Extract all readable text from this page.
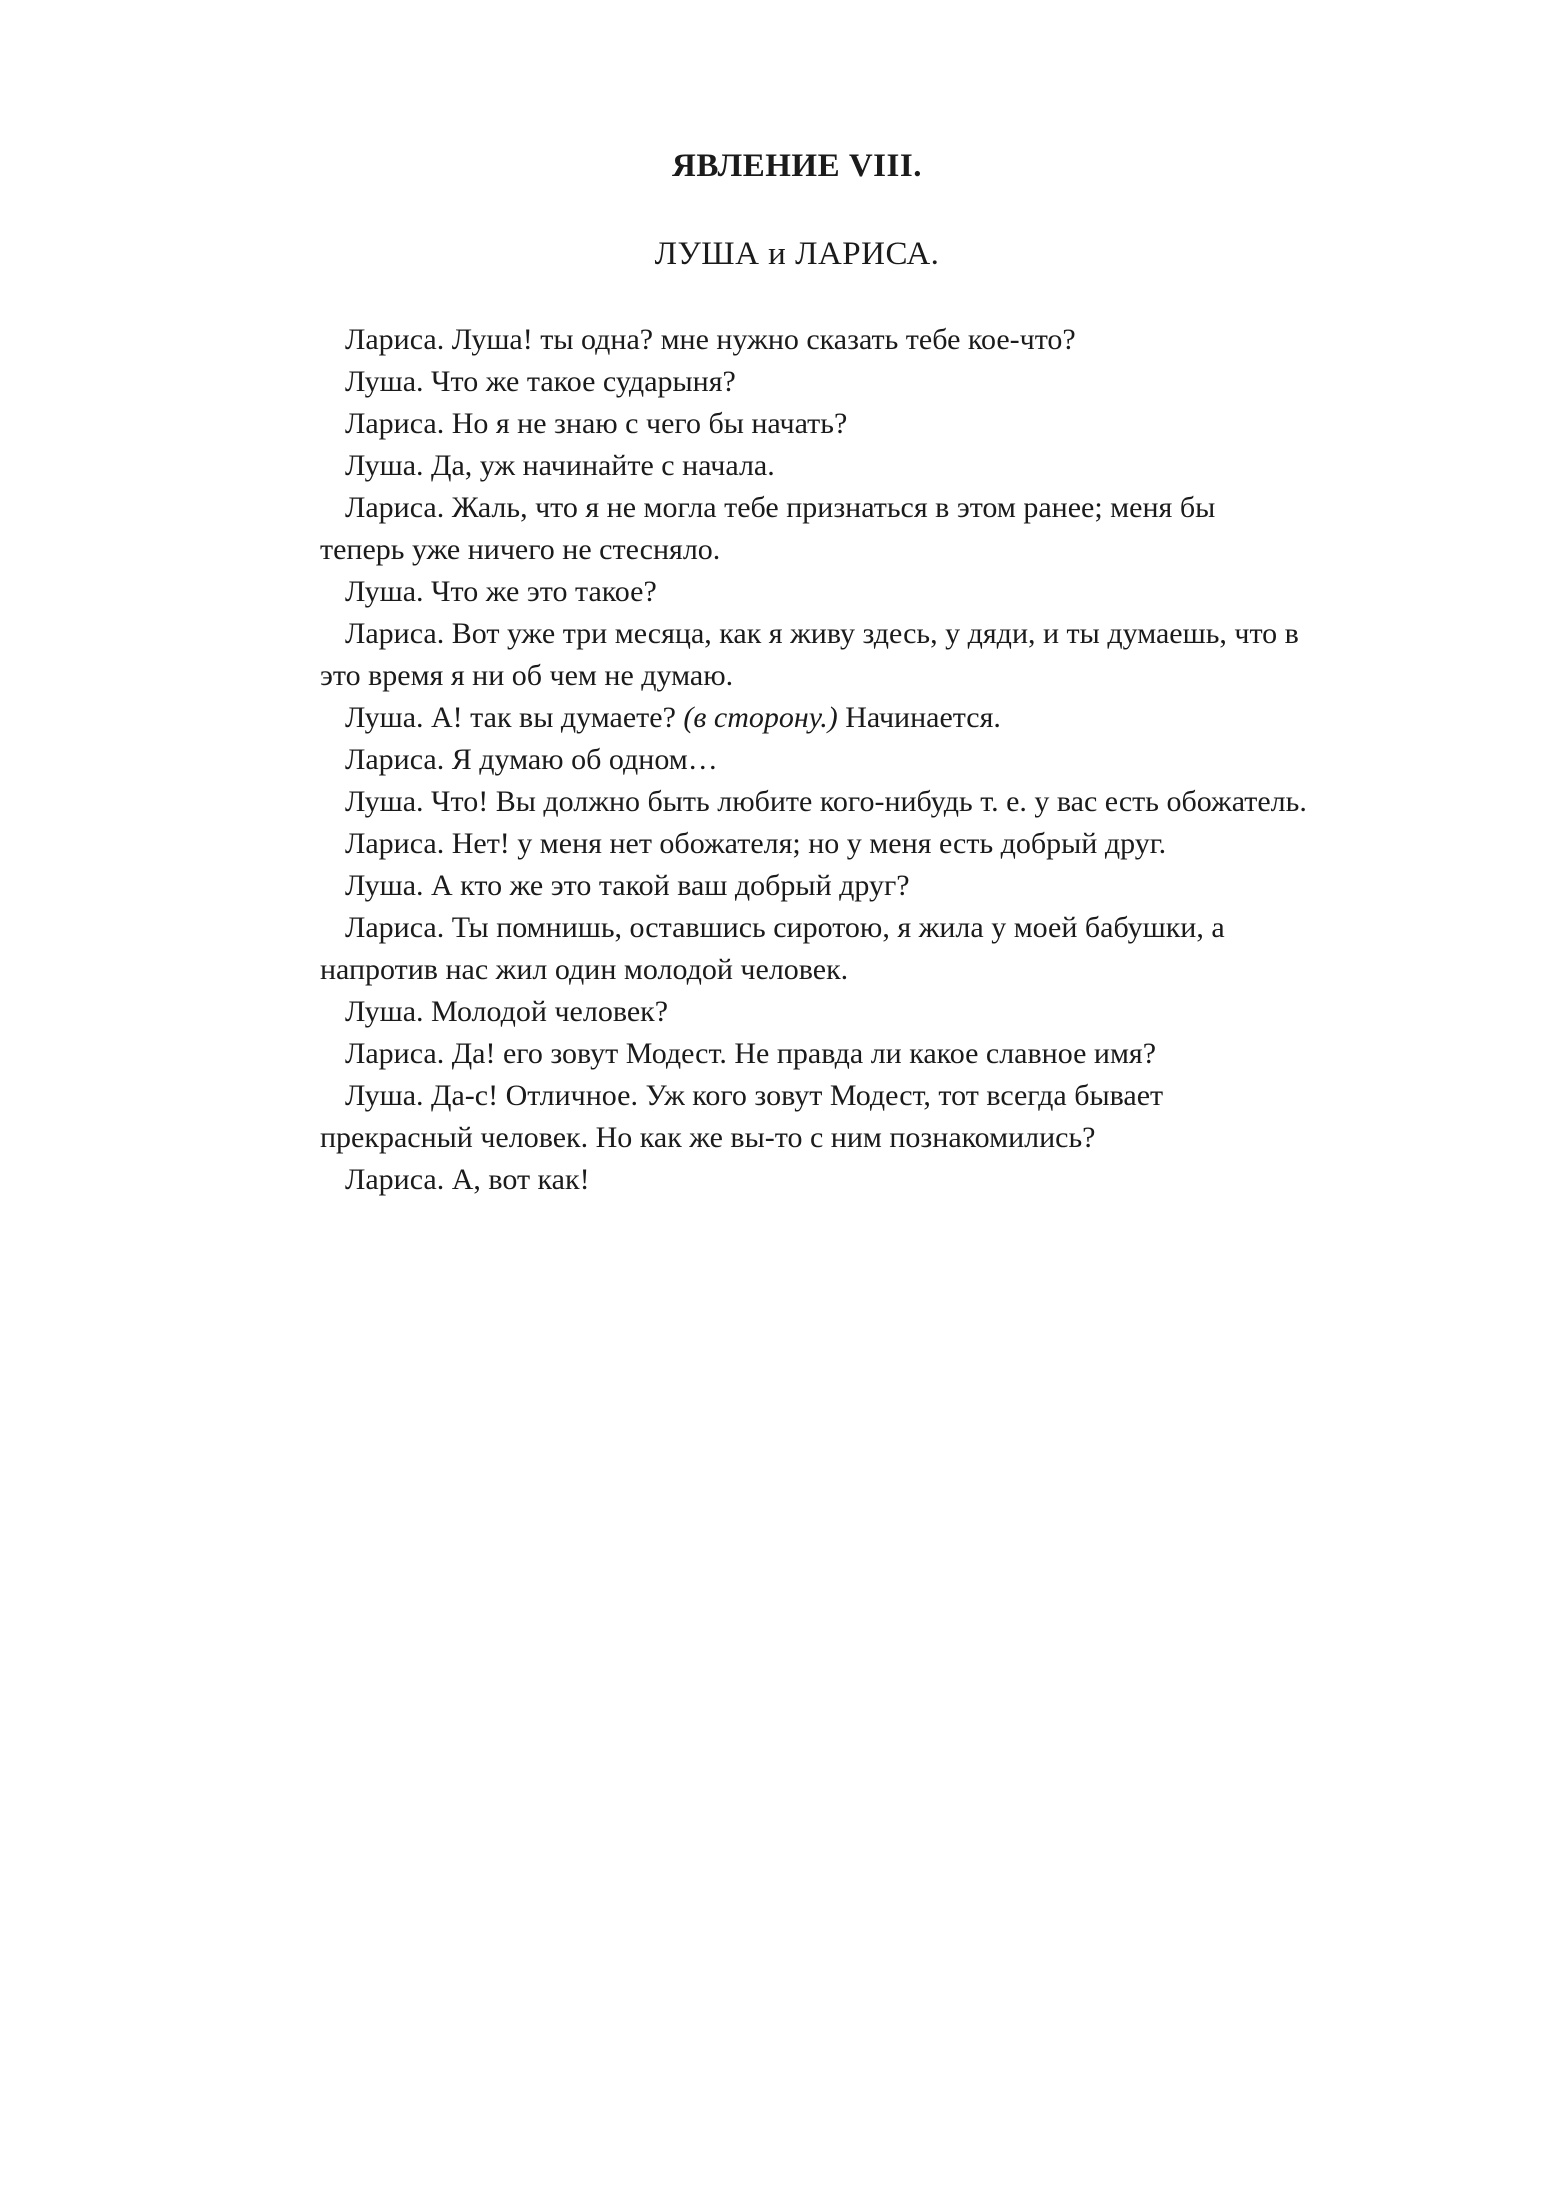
ЯВЛЕНИЕ VIII.
ЛУША и ЛАРИСА.

Лариса. Луша! ты одна? мне нужно сказать тебе кое-что?

Луша. Что же такое сударыня?

Лариса. Но я не знаю с чего бы начать?

Луша. Да, уж начинайте с начала.

Лариса. Жаль, что я не могла тебе признаться в этом ранее; меня бы

теперь уже ничего не стесняло.

Луша. Что же это такое?

Лариса. Вот уже три месяца, как я живу здесь, у дяди, и ты думаешь, что в

это время я ни об чем не думаю.

Луша. А! так вы думаете? (в сторону.) Начинается.

Лариса. Я думаю об одном…

Луша. Что! Вы должно быть любите кого-нибудь т. е. у вас есть обожатель.

Лариса. Нет! у меня нет обожателя; но у меня есть добрый друг.

Луша. А кто же это такой ваш добрый друг?

Лариса. Ты помнишь, оставшись сиротою, я жила у моей бабушки, а

напротив нас жил один молодой человек.

Луша. Молодой человек?

Лариса. Да! его зовут Модест. Не правда ли какое славное имя?

Луша. Да-с! Отличное. Уж кого зовут Модест, тот всегда бывает

прекрасный человек. Но как же вы-то с ним познакомились?

Лариса. А, вот как!
